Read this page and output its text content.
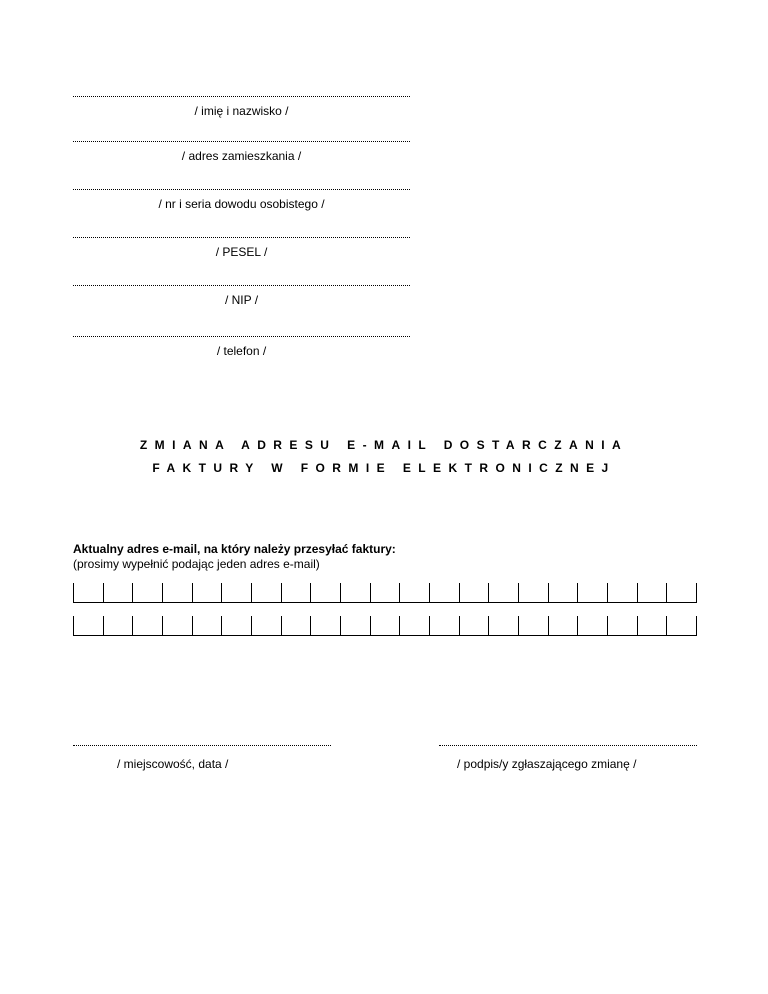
/ imię i nazwisko /
/ adres zamieszkania /
/ nr i seria dowodu osobistego /
/ PESEL /
/ NIP /
/ telefon /
ZMIANA ADRESU E-MAIL DOSTARCZANIA
FAKTURY W FORMIE ELEKTRONICZNEJ
Aktualny adres e-mail, na który należy przesyłać faktury:
(prosimy wypełnić podając jeden adres e-mail)
/ miejscowość, data /	/ podpis/y zgłaszającego zmianę /
